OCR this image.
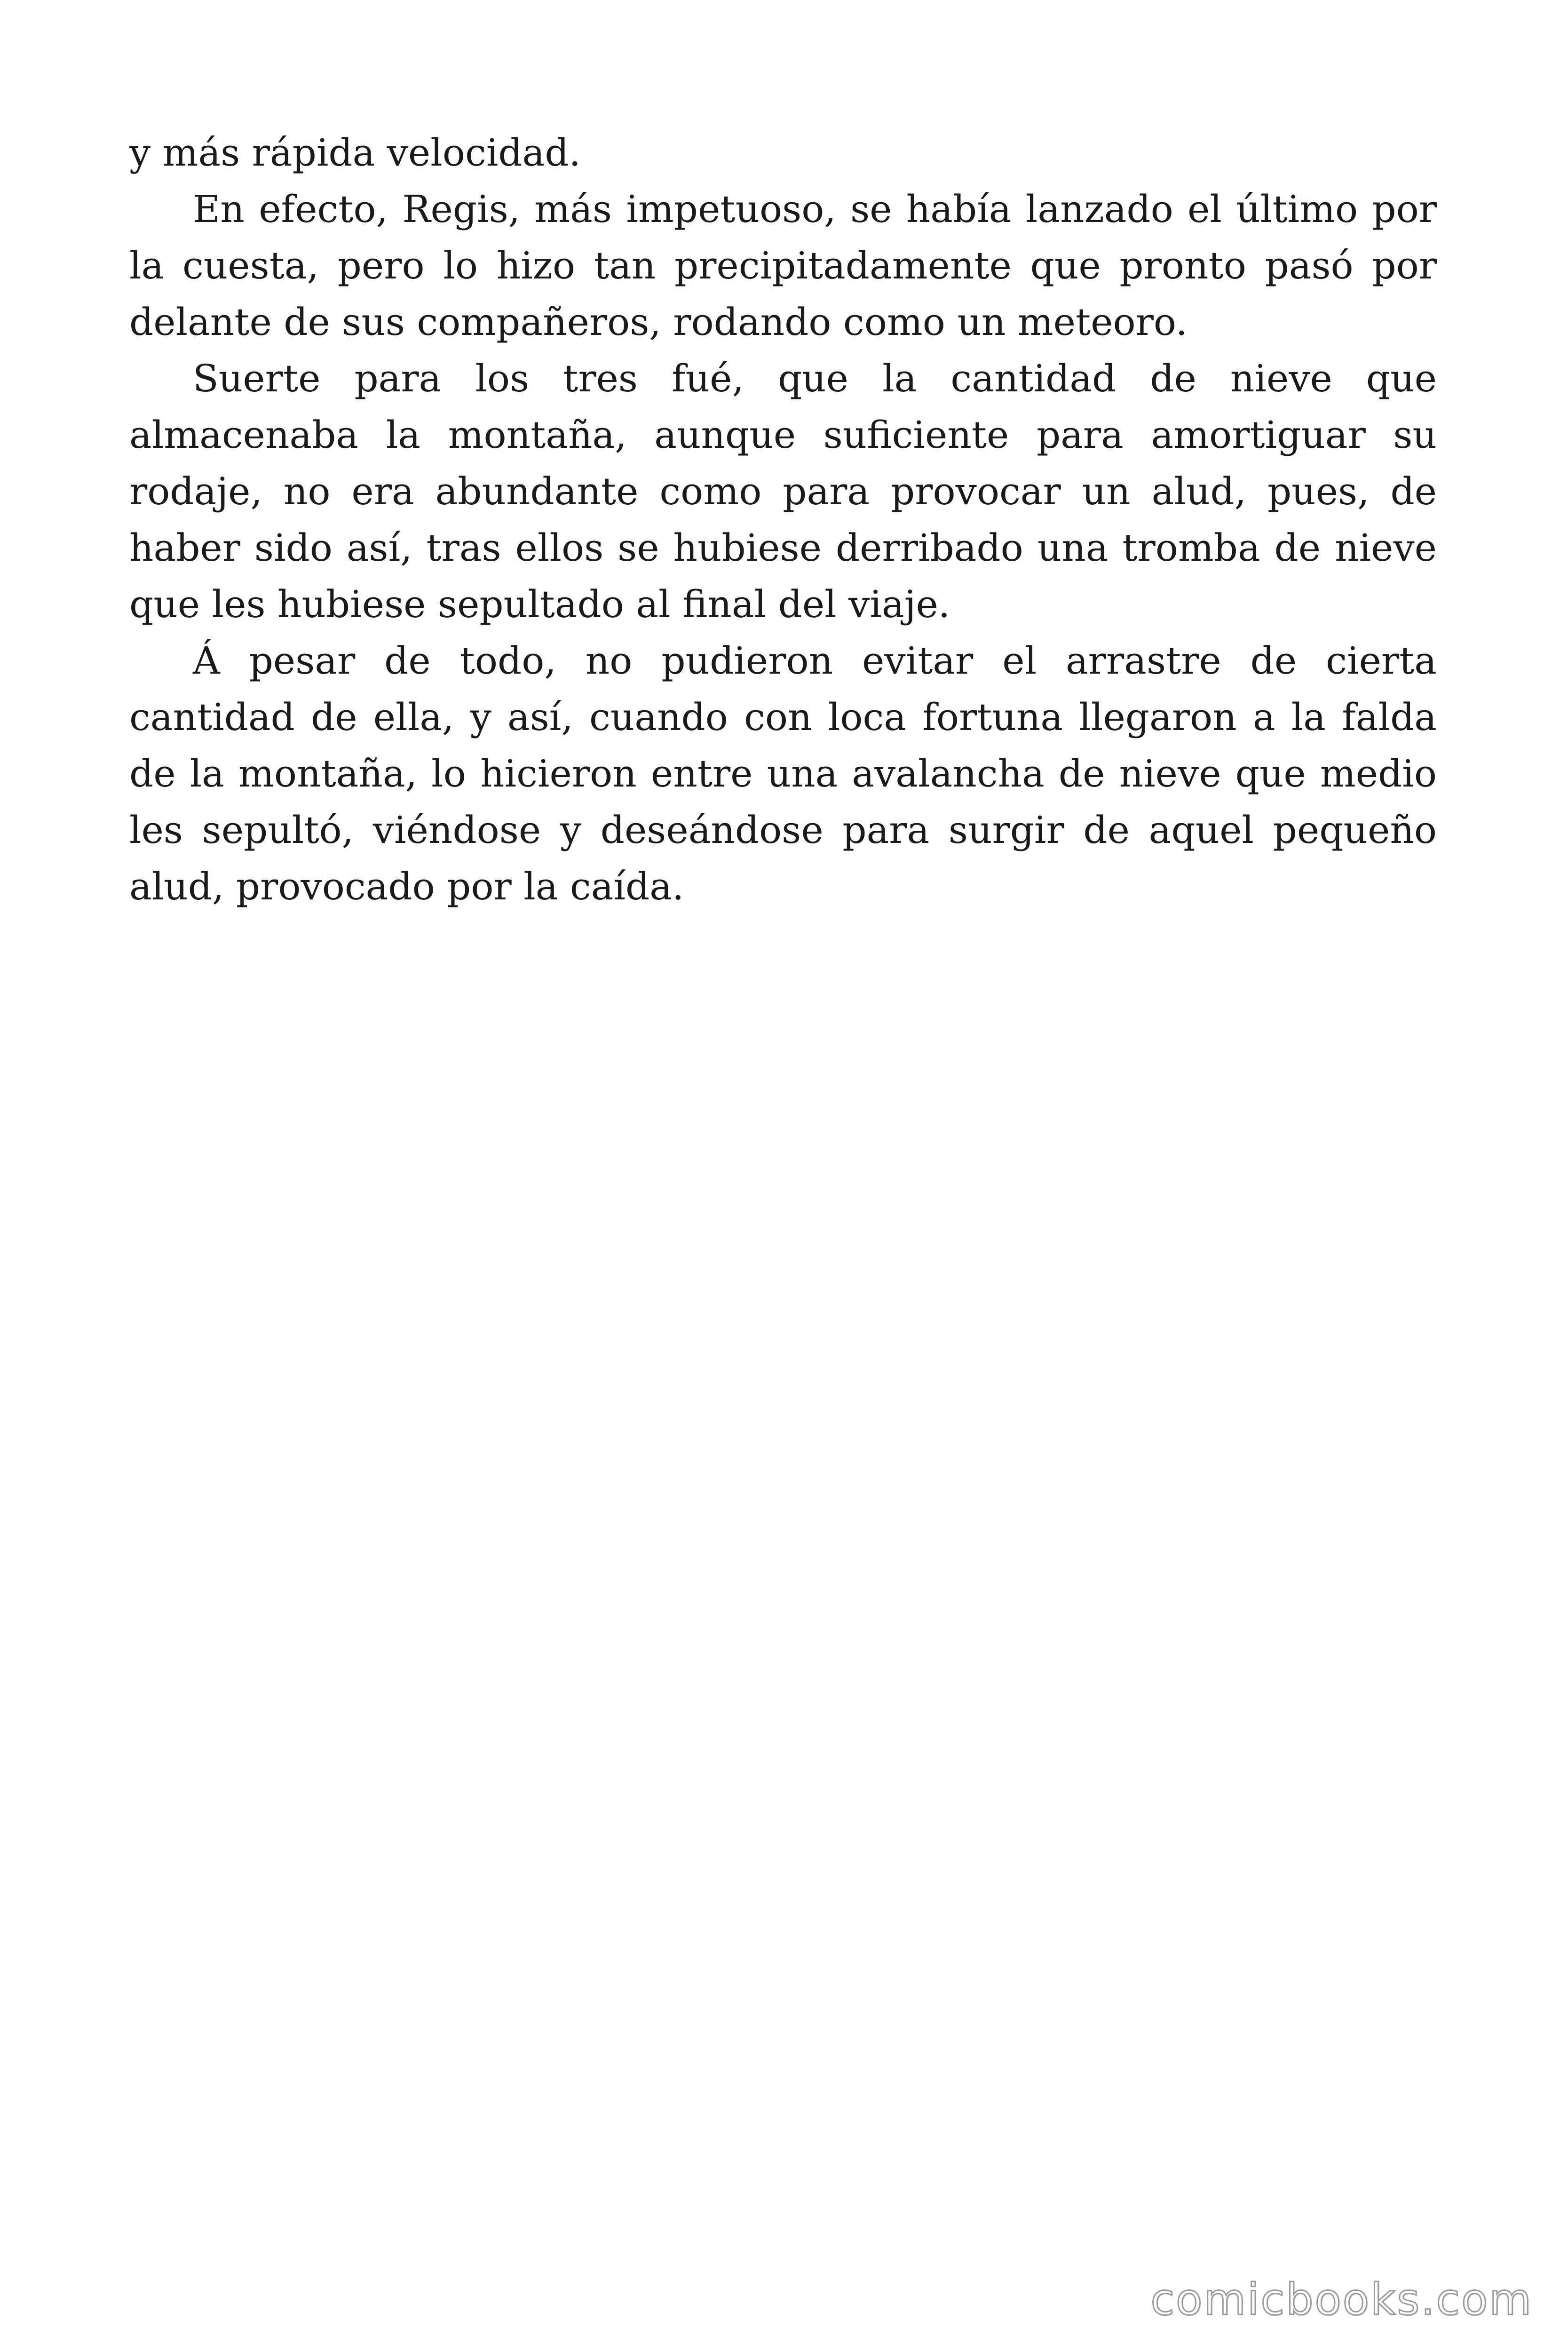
y más rápida velocidad.

En efecto, Regis, más impetuoso, se había lanzado el último por la cuesta, pero lo hizo tan precipitadamente que pronto pasó por delante de sus compañeros, rodando como un meteoro.

Suerte para los tres fué, que la cantidad de nieve que almacenaba la montaña, aunque suficiente para amortiguar su rodaje, no era abundante como para provocar un alud, pues, de haber sido así, tras ellos se hubiese derribado una tromba de nieve que les hubiese sepultado al final del viaje.

Á pesar de todo, no pudieron evitar el arrastre de cierta cantidad de ella, y así, cuando con loca fortuna llegaron a la falda de la montaña, lo hicieron entre una avalancha de nieve que medio les sepultó, viéndose y deseándose para surgir de aquel pequeño alud, provocado por la caída.

comicbooks.com
